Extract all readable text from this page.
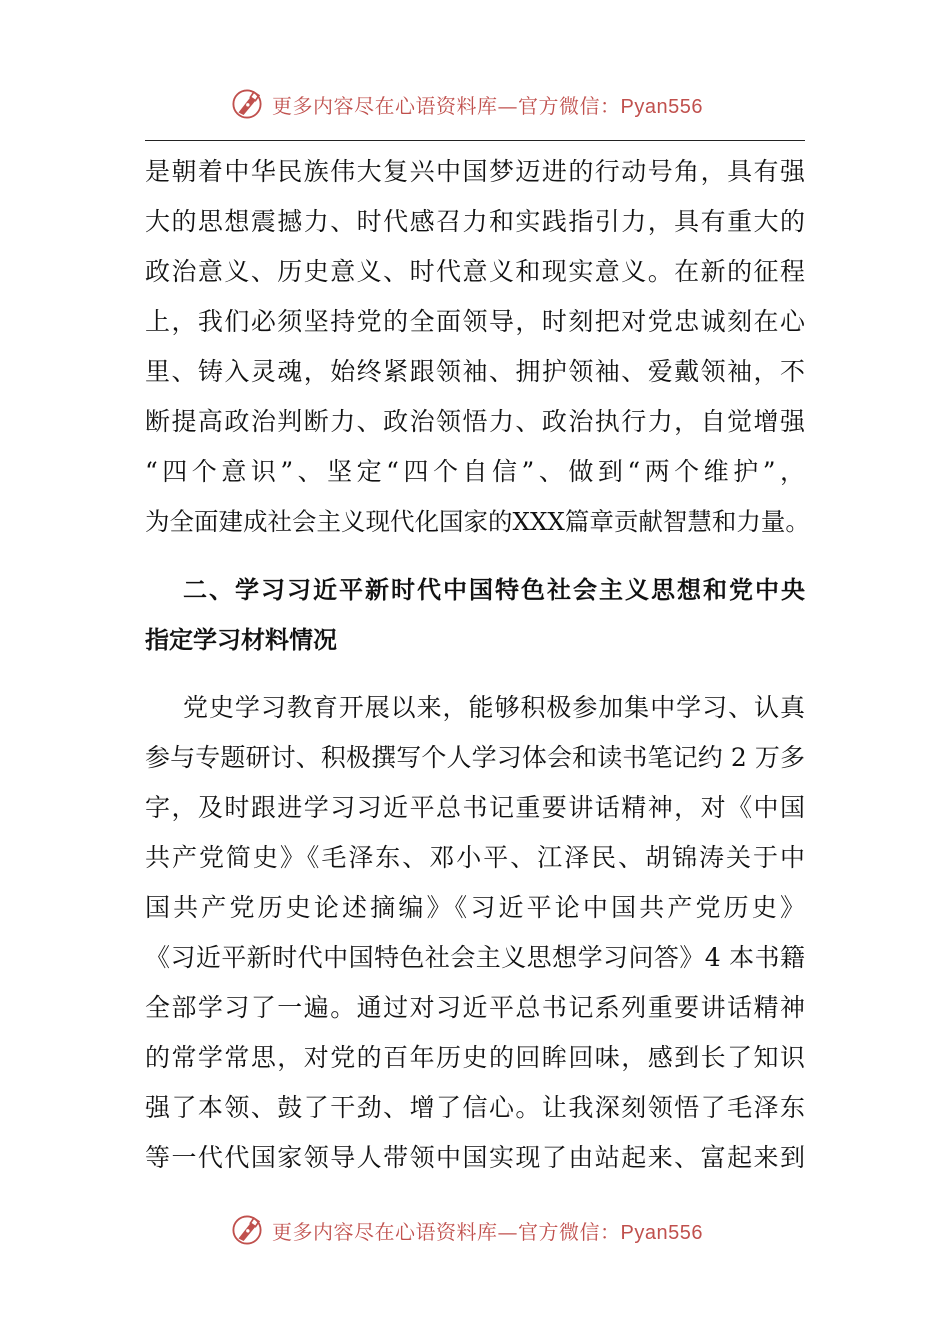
更多内容尽在心语资料库—官方微信：Pyan556

是朝着中华民族伟大复兴中国梦迈进的行动号角，具有强
大的思想震撼力、时代感召力和实践指引力，具有重大的
政治意义、历史意义、时代意义和现实意义。在新的征程
上，我们必须坚持党的全面领导，时刻把对党忠诚刻在心
里、铸入灵魂，始终紧跟领袖、拥护领袖、爱戴领袖，不
断提高政治判断力、政治领悟力、政治执行力，自觉增强
“四个意识”、坚定“四个自信”、做到“两个维护”，
为全面建成社会主义现代化国家的XXX篇章贡献智慧和力量。

二、学习习近平新时代中国特色社会主义思想和党中央
指定学习材料情况

党史学习教育开展以来，能够积极参加集中学习、认真
参与专题研讨、积极撰写个人学习体会和读书笔记约 2 万多
字，及时跟进学习习近平总书记重要讲话精神，对《中国
共产党简史》《毛泽东、邓小平、江泽民、胡锦涛关于中
国共产党历史论述摘编》《习近平论中国共产党历史》
《习近平新时代中国特色社会主义思想学习问答》4 本书籍
全部学习了一遍。通过对习近平总书记系列重要讲话精神
的常学常思，对党的百年历史的回眸回味，感到长了知识
强了本领、鼓了干劲、增了信心。让我深刻领悟了毛泽东
等一代代国家领导人带领中国实现了由站起来、富起来到

更多内容尽在心语资料库—官方微信：Pyan556
